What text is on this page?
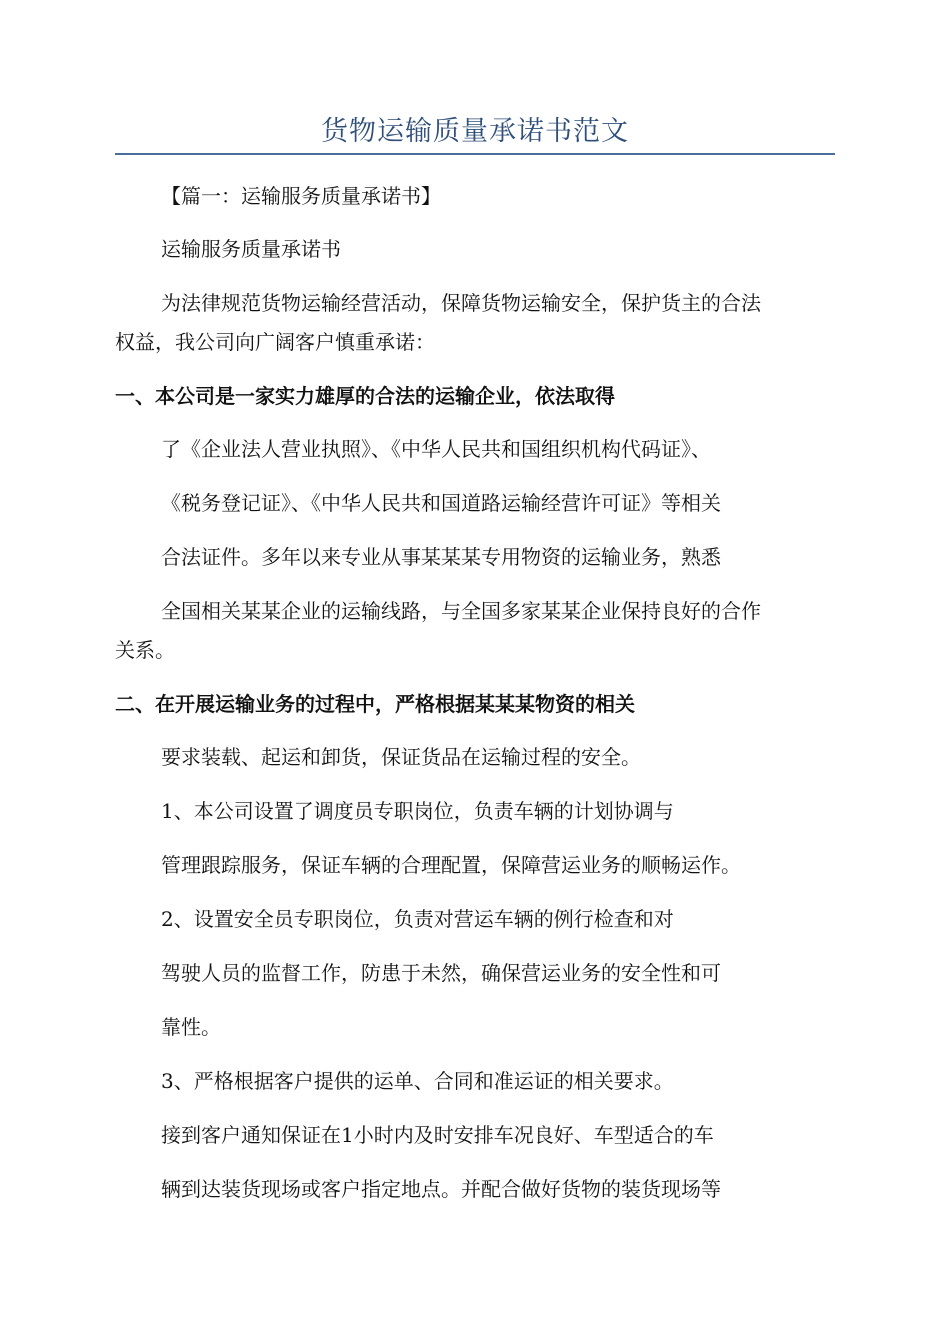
货物运输质量承诺书范文

【篇一：运输服务质量承诺书】

运输服务质量承诺书

为法律规范货物运输经营活动，保障货物运输安全，保护货主的合法

权益，我公司向广阔客户慎重承诺：

一、本公司是一家实力雄厚的合法的运输企业，依法取得

了《企业法人营业执照》、《中华人民共和国组织机构代码证》、

《税务登记证》、《中华人民共和国道路运输经营许可证》等相关

合法证件。多年以来专业从事某某某专用物资的运输业务，熟悉

全国相关某某企业的运输线路，与全国多家某某企业保持良好的合作

关系。

二、在开展运输业务的过程中，严格根据某某某物资的相关

要求装载、起运和卸货，保证货品在运输过程的安全。

1、本公司设置了调度员专职岗位，负责车辆的计划协调与

管理跟踪服务，保证车辆的合理配置，保障营运业务的顺畅运作。

2、设置安全员专职岗位，负责对营运车辆的例行检查和对

驾驶人员的监督工作，防患于未然，确保营运业务的安全性和可

靠性。

3、严格根据客户提供的运单、合同和准运证的相关要求。

接到客户通知保证在1小时内及时安排车况良好、车型适合的车

辆到达装货现场或客户指定地点。并配合做好货物的装货现场等
